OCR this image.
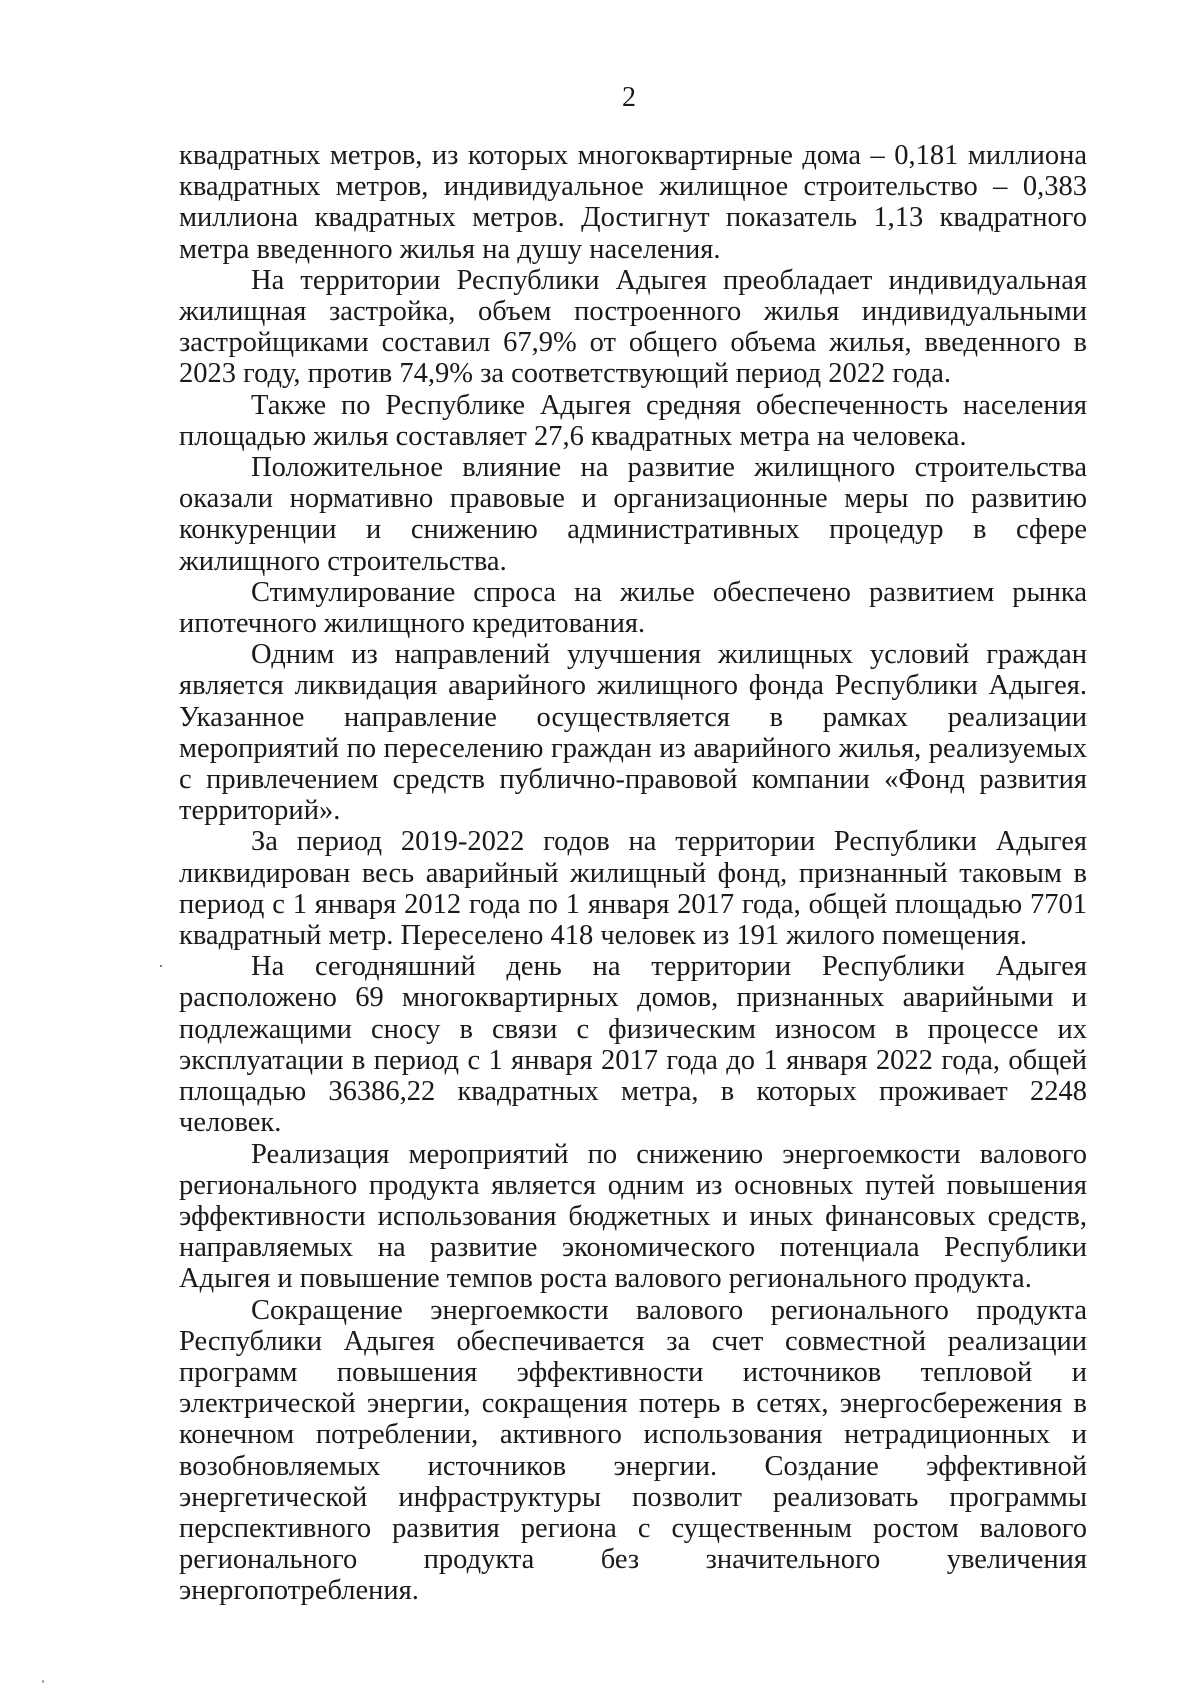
2

квадратных метров, из которых многоквартирные дома – 0,181 миллиона квадратных метров, индивидуальное жилищное строительство – 0,383 миллиона квадратных метров. Достигнут показатель 1,13 квадратного метра введенного жилья на душу населения.

На территории Республики Адыгея преобладает индивидуальная жилищная застройка, объем построенного жилья индивидуальными застройщиками составил 67,9% от общего объема жилья, введенного в 2023 году, против 74,9% за соответствующий период 2022 года.

Также по Республике Адыгея средняя обеспеченность населения площадью жилья составляет 27,6 квадратных метра на человека.

Положительное влияние на развитие жилищного строительства оказали нормативно правовые и организационные меры по развитию конкуренции и снижению административных процедур в сфере жилищного строительства.

Стимулирование спроса на жилье обеспечено развитием рынка ипотечного жилищного кредитования.

Одним из направлений улучшения жилищных условий граждан является ликвидация аварийного жилищного фонда Республики Адыгея. Указанное направление осуществляется в рамках реализации мероприятий по переселению граждан из аварийного жилья, реализуемых с привлечением средств публично-правовой компании «Фонд развития территорий».

За период 2019-2022 годов на территории Республики Адыгея ликвидирован весь аварийный жилищный фонд, признанный таковым в период с 1 января 2012 года по 1 января 2017 года, общей площадью 7701 квадратный метр. Переселено 418 человек из 191 жилого помещения.

На сегодняшний день на территории Республики Адыгея расположено 69 многоквартирных домов, признанных аварийными и подлежащими сносу в связи с физическим износом в процессе их эксплуатации в период с 1 января 2017 года до 1 января 2022 года, общей площадью 36386,22 квадратных метра, в которых проживает 2248 человек.

Реализация мероприятий по снижению энергоемкости валового регионального продукта является одним из основных путей повышения эффективности использования бюджетных и иных финансовых средств, направляемых на развитие экономического потенциала Республики Адыгея и повышение темпов роста валового регионального продукта.

Сокращение энергоемкости валового регионального продукта Республики Адыгея обеспечивается за счет совместной реализации программ повышения эффективности источников тепловой и электрической энергии, сокращения потерь в сетях, энергосбережения в конечном потреблении, активного использования нетрадиционных и возобновляемых источников энергии. Создание эффективной энергетической инфраструктуры позволит реализовать программы перспективного развития региона с существенным ростом валового регионального продукта без значительного увеличения энергопотребления.
